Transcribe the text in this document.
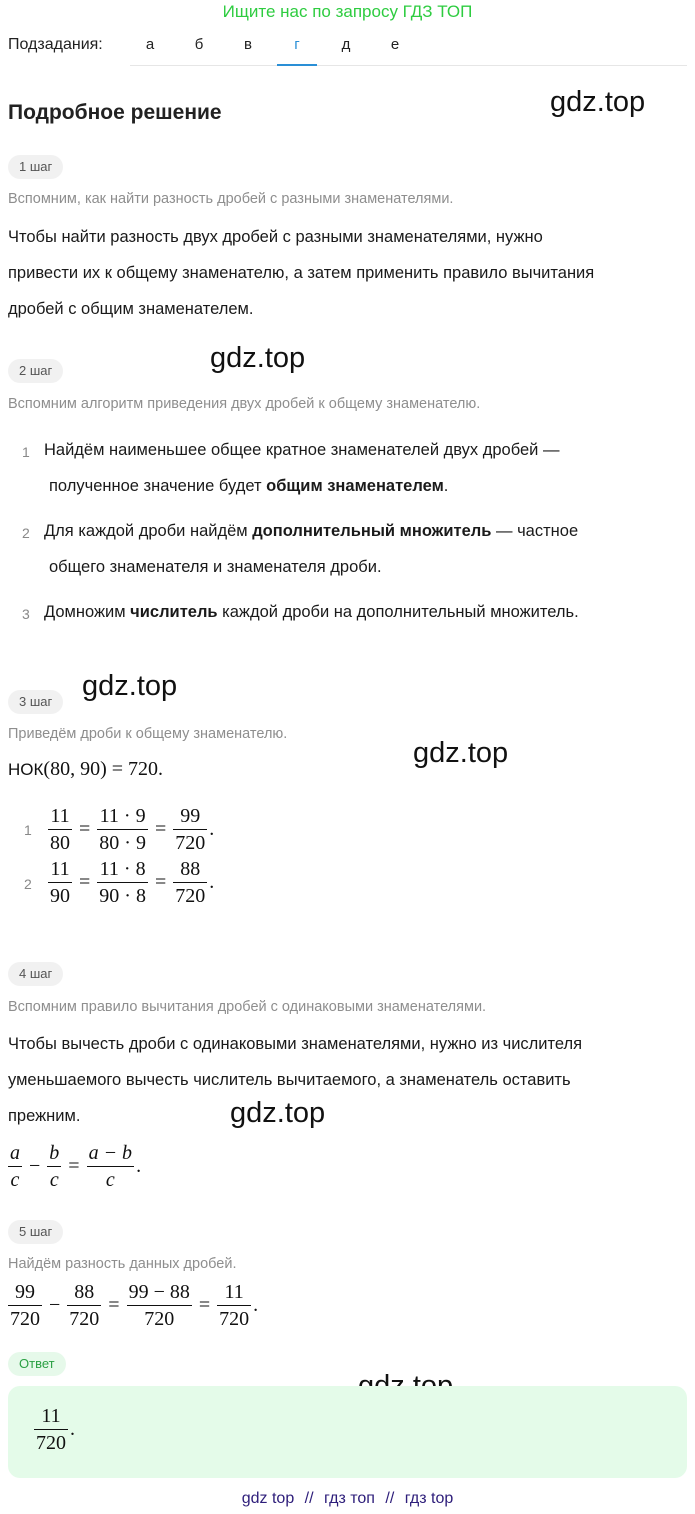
Ищите нас по запросу ГДЗ ТОП
Подзадания:	а	б	в	г	д	е
Подробное решение	gdz.top
gdz.top
gdz.top
gdz.top
gdz.top
1 шаг
Вспомним, как найти разность дробей с разными знаменателями.
Чтобы найти разность двух дробей с разными знаменателями, нужно
привести их к общему знаменателю, а затем применить правило вычитания
дробей с общим знаменателем.
2 шаг
Вспомним алгоритм приведения двух дробей к общему знаменателю.
1 Найдём наименьшее общее кратное знаменателей двух дробей —
полученное значение будет общим знаменателем.
2 Для каждой дроби найдём дополнительный множитель — частное
общего знаменателя и знаменателя дроби.
3 Домножим числитель каждой дроби на дополнительный множитель.
3 шаг
Приведём дроби к общему знаменателю.
НОК(80, 90) = 720.
$1 \frac{11}{80} = \frac{11 \cdot 9}{80 \cdot 9} = \frac{99}{720}$ .
$2 \frac{11}{90} = \frac{11 \cdot 8}{90 \cdot 8} = \frac{88}{720}$ .
4 шаг
Вспомним правило вычитания дробей с одинаковыми знаменателями.
Чтобы вычесть дроби с одинаковыми знаменателями, нужно из числителя
уменьшаемого вычесть числитель вычитаемого, а знаменатель оставить
прежним.
$\frac{a}{c} - \frac{b}{c} = \frac{a - b}{c}$ .
5 шаг
Найдём разность данных дробей.
$\frac{99}{720} - \frac{88}{720} = \frac{99 - 88}{720} = \frac{11}{720}$ .
Ответ
$\frac{11}{720}$ .
gdz top // гдз топ // гдз top
